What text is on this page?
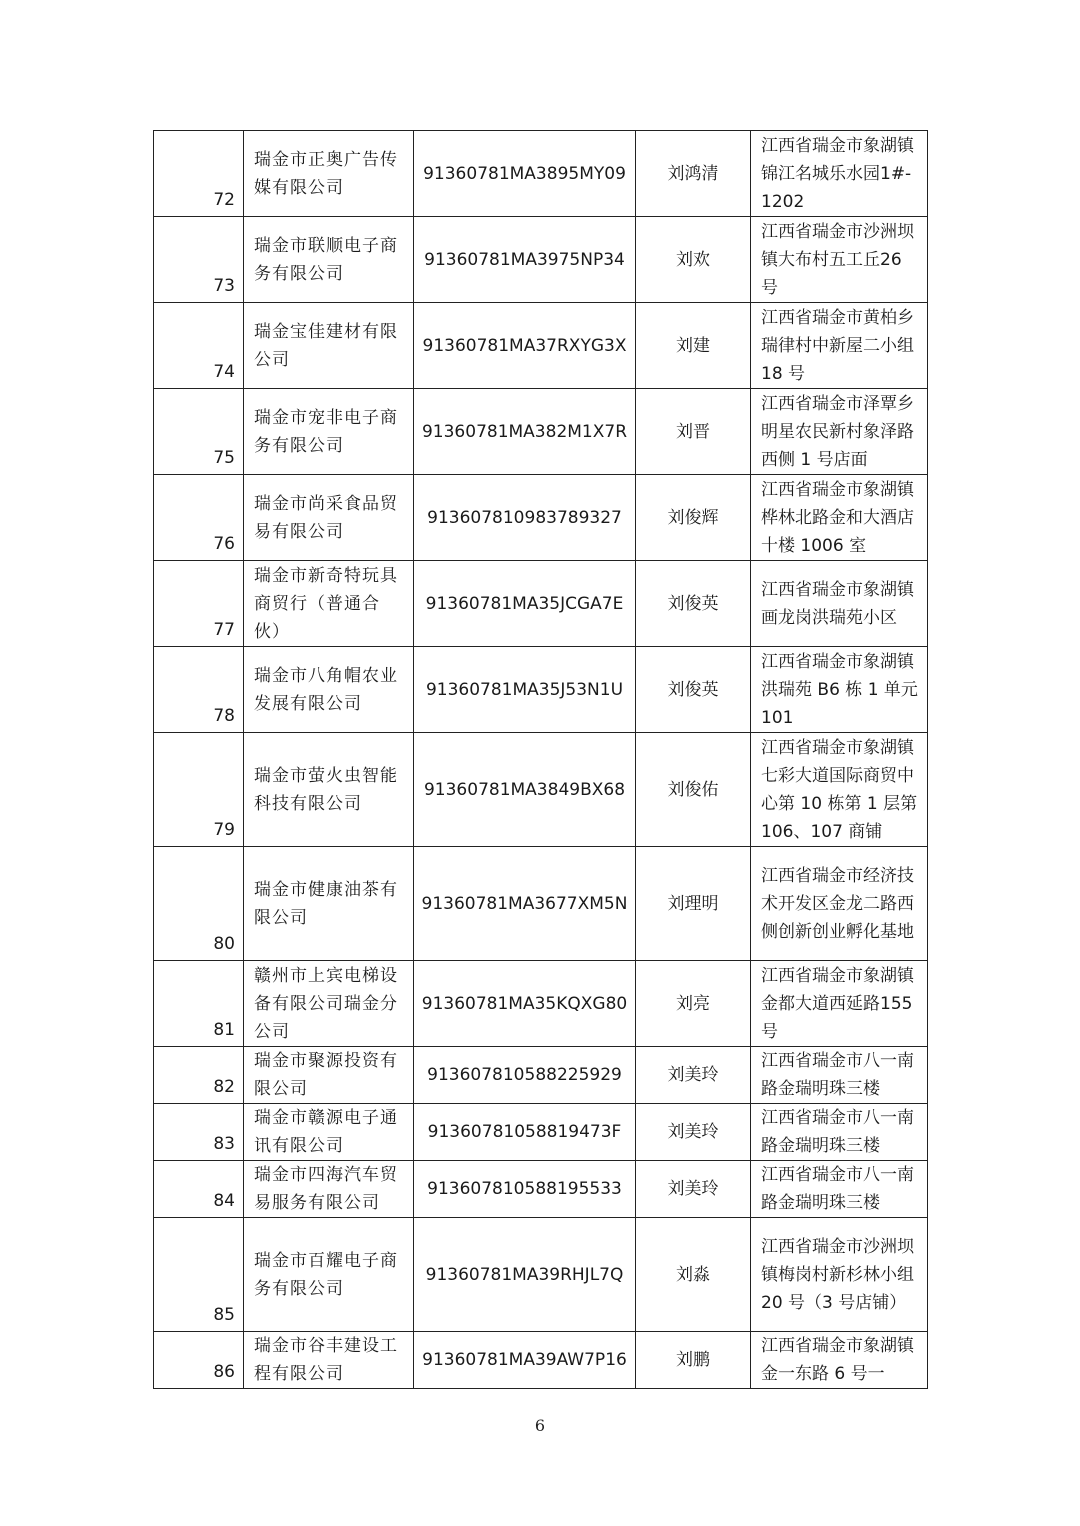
72	瑞金市正奥广告传媒有限公司	91360781MA3895MY09	刘鸿清	江西省瑞金市象湖镇锦江名城乐水园1#-1202

73	瑞金市联顺电子商务有限公司	91360781MA3975NP34	刘欢	江西省瑞金市沙洲坝镇大布村五工丘26 号

74	瑞金宝佳建材有限公司	91360781MA37RXYG3X	刘建	江西省瑞金市黄柏乡瑞律村中新屋二小组 18 号

75	瑞金市宠非电子商务有限公司	91360781MA382M1X7R	刘晋	江西省瑞金市泽覃乡明星农民新村象泽路西侧 1 号店面

76	瑞金市尚采食品贸易有限公司	913607810983789327	刘俊辉	江西省瑞金市象湖镇桦林北路金和大酒店十楼 1006 室

77	瑞金市新奇特玩具商贸行（普通合伙）	91360781MA35JCGA7E	刘俊英	江西省瑞金市象湖镇画龙岗洪瑞苑小区

78	瑞金市八角帽农业发展有限公司	91360781MA35J53N1U	刘俊英	江西省瑞金市象湖镇洪瑞苑 B6 栋 1 单元 101

79	瑞金市萤火虫智能科技有限公司	91360781MA3849BX68	刘俊佑	江西省瑞金市象湖镇七彩大道国际商贸中心第 10 栋第 1 层第 106、107 商铺

80	瑞金市健康油茶有限公司	91360781MA3677XM5N	刘理明	江西省瑞金市经济技术开发区金龙二路西侧创新创业孵化基地

81	赣州市上宾电梯设备有限公司瑞金分公司	91360781MA35KQXG80	刘亮	江西省瑞金市象湖镇金都大道西延路155 号

82	瑞金市聚源投资有限公司	913607810588225929	刘美玲	江西省瑞金市八一南路金瑞明珠三楼

83	瑞金市赣源电子通讯有限公司	9136078105881947​3F	刘美玲	江西省瑞金市八一南路金瑞明珠三楼

84	瑞金市四海汽车贸易服务有限公司	913607810588195533	刘美玲	江西省瑞金市八一南路金瑞明珠三楼

85	瑞金市百耀电子商务有限公司	91360781MA39RHJL7Q	刘淼	江西省瑞金市沙洲坝镇梅岗村新杉林小组 20 号（3 号店铺）

86	瑞金市谷丰建设工程有限公司	91360781MA39AW7P16	刘鹏	江西省瑞金市象湖镇金一东路 6 号一
6
